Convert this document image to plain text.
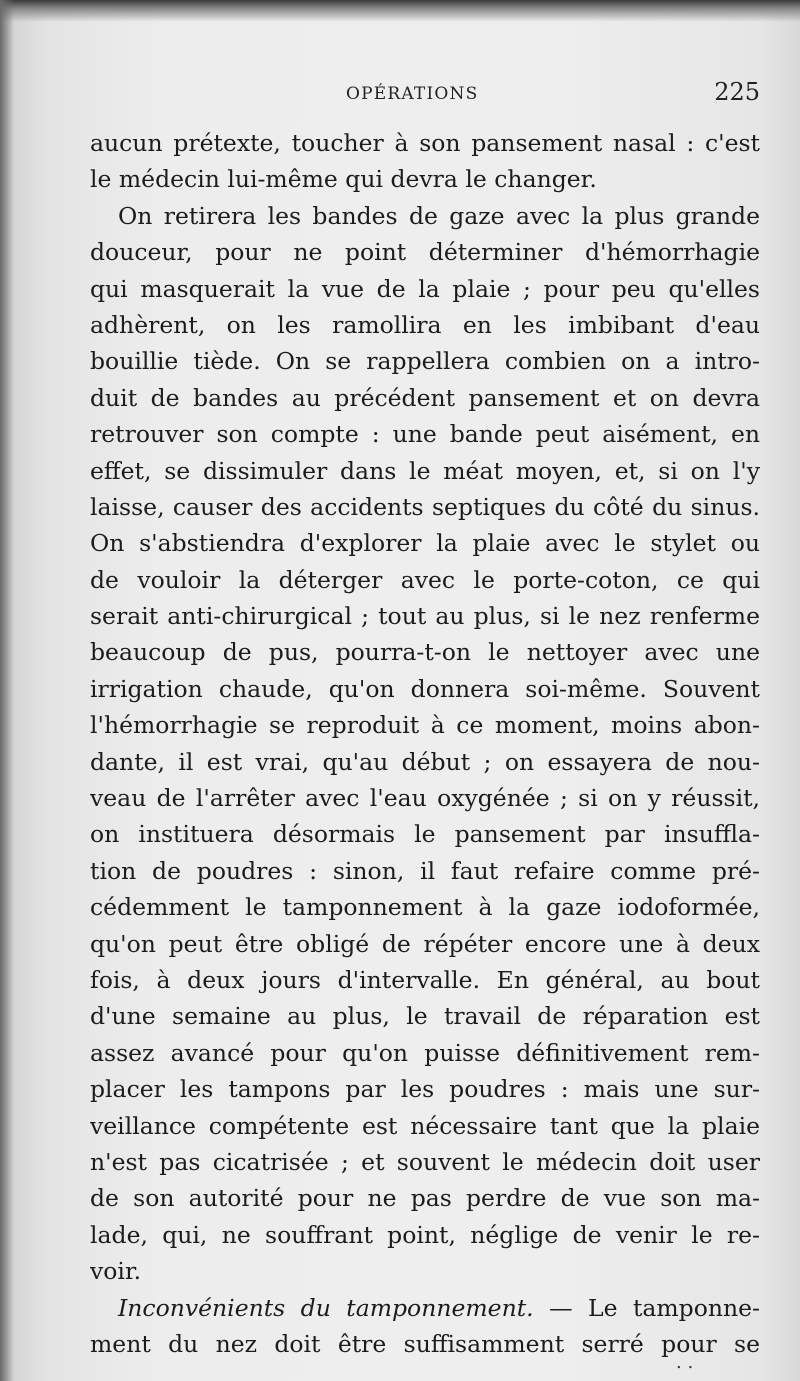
OPÉRATIONS	225
aucun prétexte, toucher à son pansement nasal : c'est
le médecin lui-même qui devra le changer.
On retirera les bandes de gaze avec la plus grande
douceur, pour ne point déterminer d'hémorrhagie
qui masquerait la vue de la plaie ; pour peu qu'elles
adhèrent, on les ramollira en les imbibant d'eau
bouillie tiède. On se rappellera combien on a intro-
duit de bandes au précédent pansement et on devra
retrouver son compte : une bande peut aisément, en
effet, se dissimuler dans le méat moyen, et, si on l'y
laisse, causer des accidents septiques du côté du sinus.
On s'abstiendra d'explorer la plaie avec le stylet ou
de vouloir la déterger avec le porte-coton, ce qui
serait anti-chirurgical ; tout au plus, si le nez renferme
beaucoup de pus, pourra-t-on le nettoyer avec une
irrigation chaude, qu'on donnera soi-même. Souvent
l'hémorrhagie se reproduit à ce moment, moins abon-
dante, il est vrai, qu'au début ; on essayera de nou-
veau de l'arrêter avec l'eau oxygénée ; si on y réussit,
on instituera désormais le pansement par insuffla-
tion de poudres : sinon, il faut refaire comme pré-
cédemment le tamponnement à la gaze iodoformée,
qu'on peut être obligé de répéter encore une à deux
fois, à deux jours d'intervalle. En général, au bout
d'une semaine au plus, le travail de réparation est
assez avancé pour qu'on puisse définitivement rem-
placer les tampons par les poudres : mais une sur-
veillance compétente est nécessaire tant que la plaie
n'est pas cicatrisée ; et souvent le médecin doit user
de son autorité pour ne pas perdre de vue son ma-
lade, qui, ne souffrant point, néglige de venir le re-
voir.
Inconvénients du tamponnement. — Le tamponne-
ment du nez doit être suffisamment serré pour se
. .
